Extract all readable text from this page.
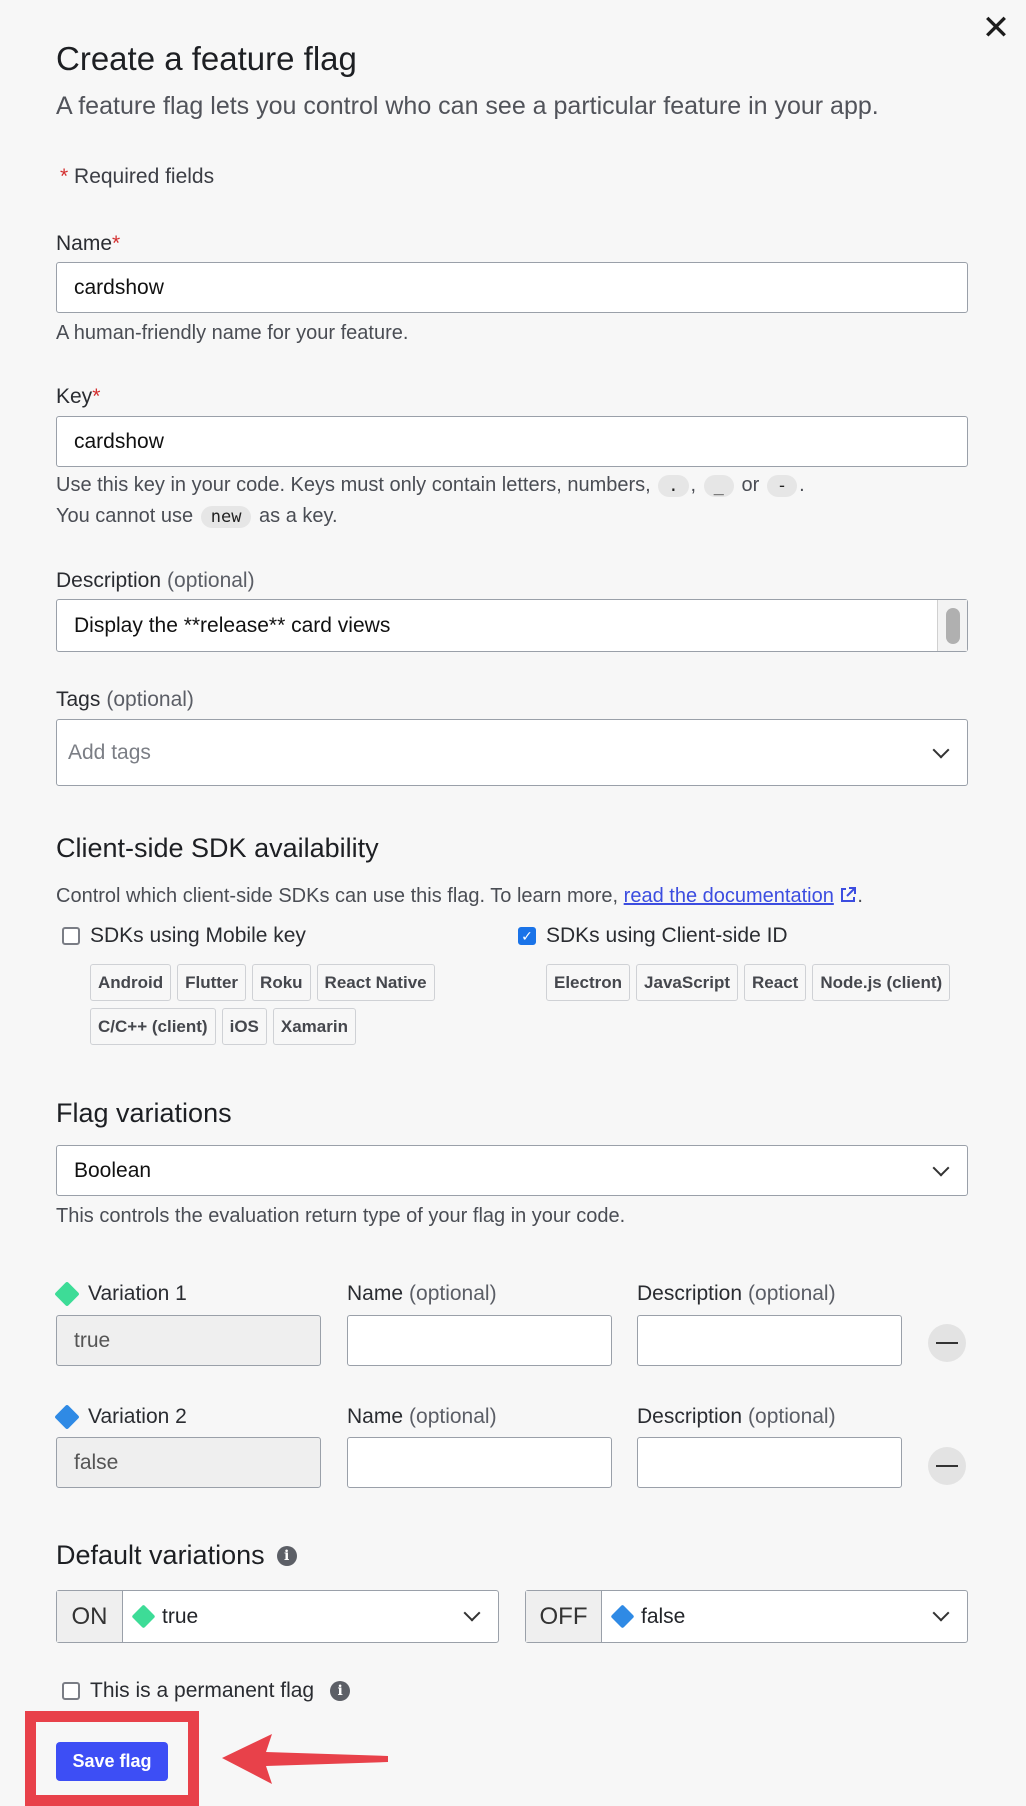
✕
Create a feature flag
A feature flag lets you control who can see a particular feature in your app.
* Required fields
Name*
cardshow
A human-friendly name for your feature.
Key*
cardshow
Use this key in your code. Keys must only contain letters, numbers, . , _ or - .
You cannot use new as a key.
Description (optional)
Display the **release** card views
Tags (optional)
Add tags
Client-side SDK availability
Control which client-side SDKs can use this flag. To learn more, read the documentation .
SDKs using Mobile key
Android	Flutter	Roku	React Native
C/C++ (client)	iOS	Xamarin
✓ SDKs using Client-side ID
Electron	JavaScript	React	Node.js (client)
Flag variations
Boolean
This controls the evaluation return type of your flag in your code.
Variation 1	Name (optional)	Description (optional)
true
Variation 2	Name (optional)	Description (optional)
false
Default variations	i
ON	true	OFF	false
This is a permanent flag	i
Save flag
